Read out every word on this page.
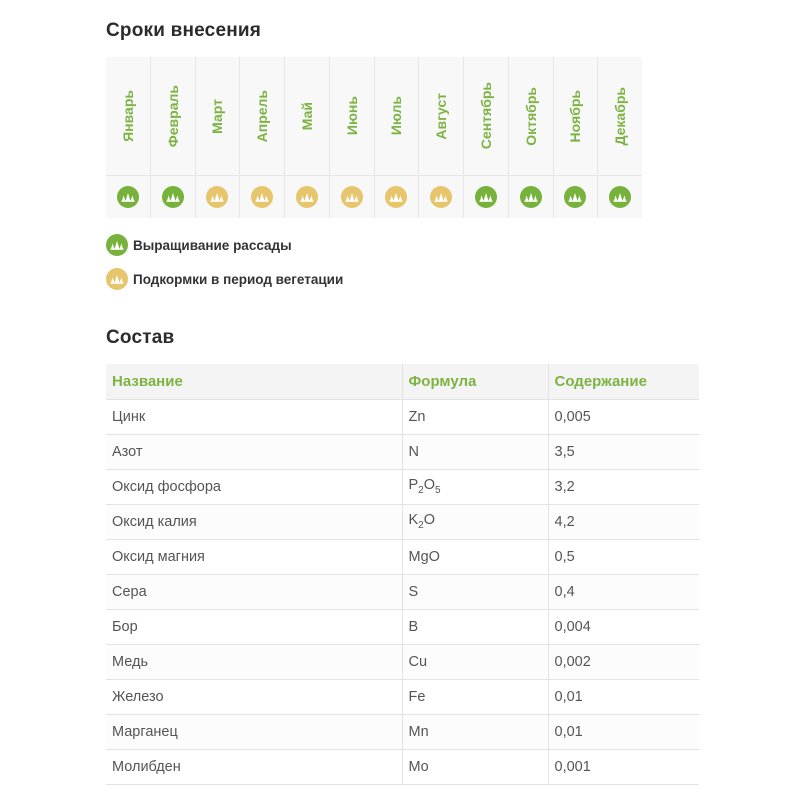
Сроки внесения
Январь Февраль Март Апрель Май Июнь Июль Август Сентябрь Октябрь Ноябрь Декабрь
Выращивание рассады
Подкормки в период вегетации
Состав
Название	Формула	Содержание
Цинк	Zn	0,005
Азот	N	3,5
Оксид фосфора	$P_2O_5$	3,2
Оксид калия	$K_2O$	4,2
Оксид магния	MgO	0,5
Сера	S	0,4
Бор	B	0,004
Медь	Cu	0,002
Железо	Fe	0,01
Марганец	Mn	0,01
Молибден	Mo	0,001
